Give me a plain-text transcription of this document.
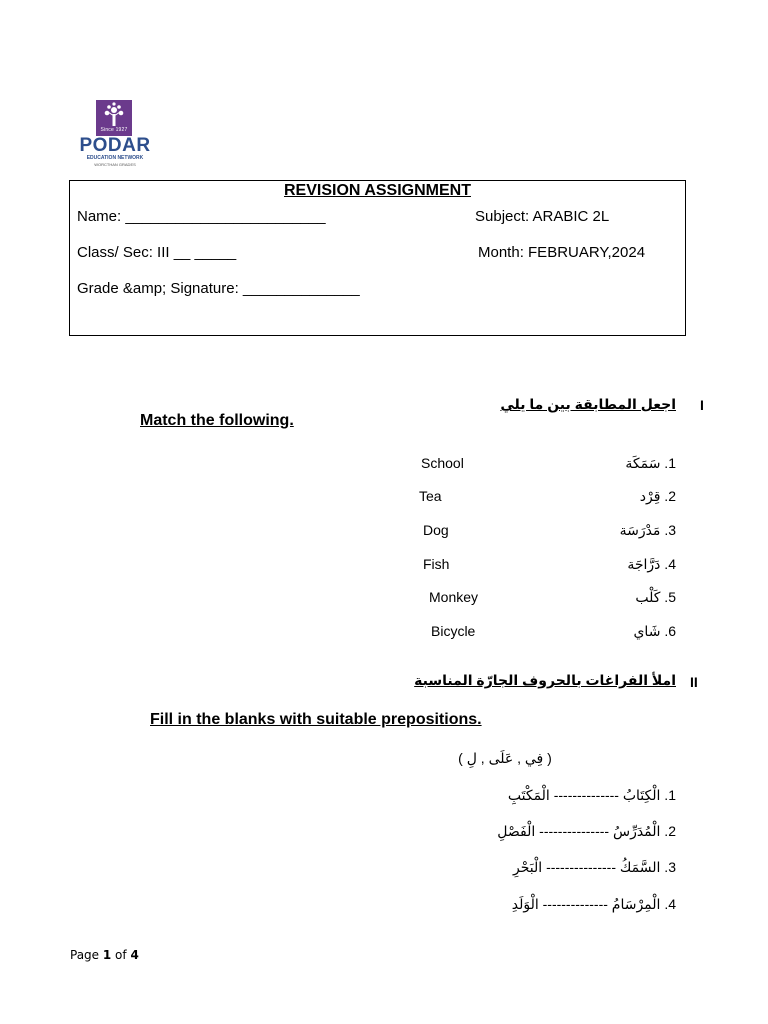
Since 1927
PODAR
EDUCATION NETWORK
WORCTHAN GRADES
REVISION ASSIGNMENT
Name: ________________________	Subject: ARABIC 2L
Class/ Sec: III __ _____	Month: FEBRUARY,2024
Grade &amp; Signature: ______________
I
اجعل المطابقة بين ما يلي
Match the following.
School
Tea
Dog
Fish
Monkey
Bicycle
1. سَمَكَة
2. قِرْد
3. مَدْرَسَة
4. دَرَّاجَة
5. كَلْب
6. شَاي
II
املأ الفراغات بالحروف الجارّة المناسبة
Fill in the blanks with suitable prepositions.
( فِي , عَلَى , لِ )
1. الْكِتَابُ -------------- الْمَكْتَبِ
2. الْمُدَرِّسُ --------------- الْفَصْلِ
3. السَّمَكُ --------------- الْبَحْرِ
4. الْمِرْسَامُ -------------- الْوَلَدِ
Page 1 of 4
